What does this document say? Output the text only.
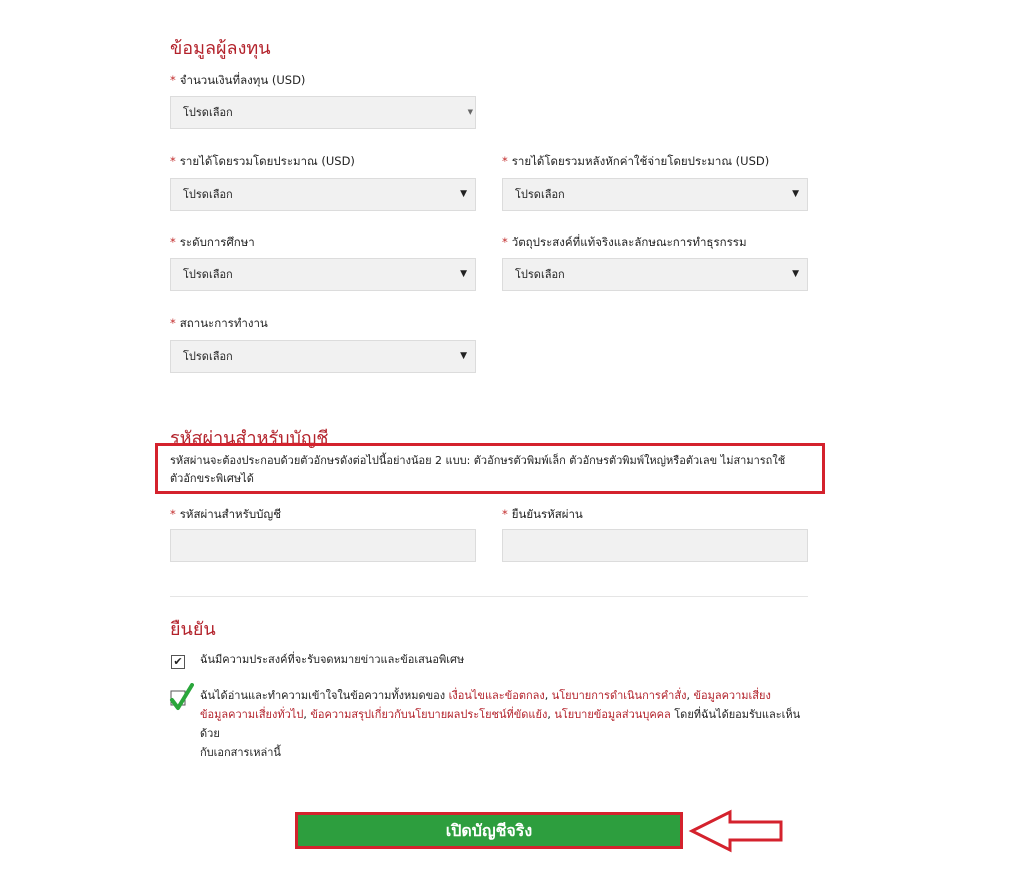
ข้อมูลผู้ลงทุน
* จำนวนเงินที่ลงทุน (USD)
โปรดเลือก	▼
* รายได้โดยรวมโดยประมาณ (USD)
โปรดเลือก	▼
* รายได้โดยรวมหลังหักค่าใช้จ่ายโดยประมาณ (USD)
โปรดเลือก	▼
* ระดับการศึกษา
โปรดเลือก	▼
* วัตถุประสงค์ที่แท้จริงและลักษณะการทำธุรกรรม
โปรดเลือก	▼
* สถานะการทำงาน
โปรดเลือก	▼
รหัสผ่านสำหรับบัญชี
รหัสผ่านจะต้องประกอบด้วยตัวอักษรดังต่อไปนี้อย่างน้อย 2 แบบ: ตัวอักษรตัวพิมพ์เล็ก ตัวอักษรตัวพิมพ์ใหญ่หรือตัวเลข ไม่สามารถใช้
ตัวอักขระพิเศษได้
* รหัสผ่านสำหรับบัญชี	* ยืนยันรหัสผ่าน
ยืนยัน
✔ ฉันมีความประสงค์ที่จะรับจดหมายข่าวและข้อเสนอพิเศษ
ฉันได้อ่านและทำความเข้าใจในข้อความทั้งหมดของ เงื่อนไขและข้อตกลง, นโยบายการดำเนินการคำสั่ง, ข้อมูลความเสี่ยง
ข้อมูลความเสี่ยงทั่วไป, ข้อความสรุปเกี่ยวกับนโยบายผลประโยชน์ที่ขัดแย้ง, นโยบายข้อมูลส่วนบุคคล โดยที่ฉันได้ยอมรับและเห็นด้วย
กับเอกสารเหล่านี้
เปิดบัญชีจริง
